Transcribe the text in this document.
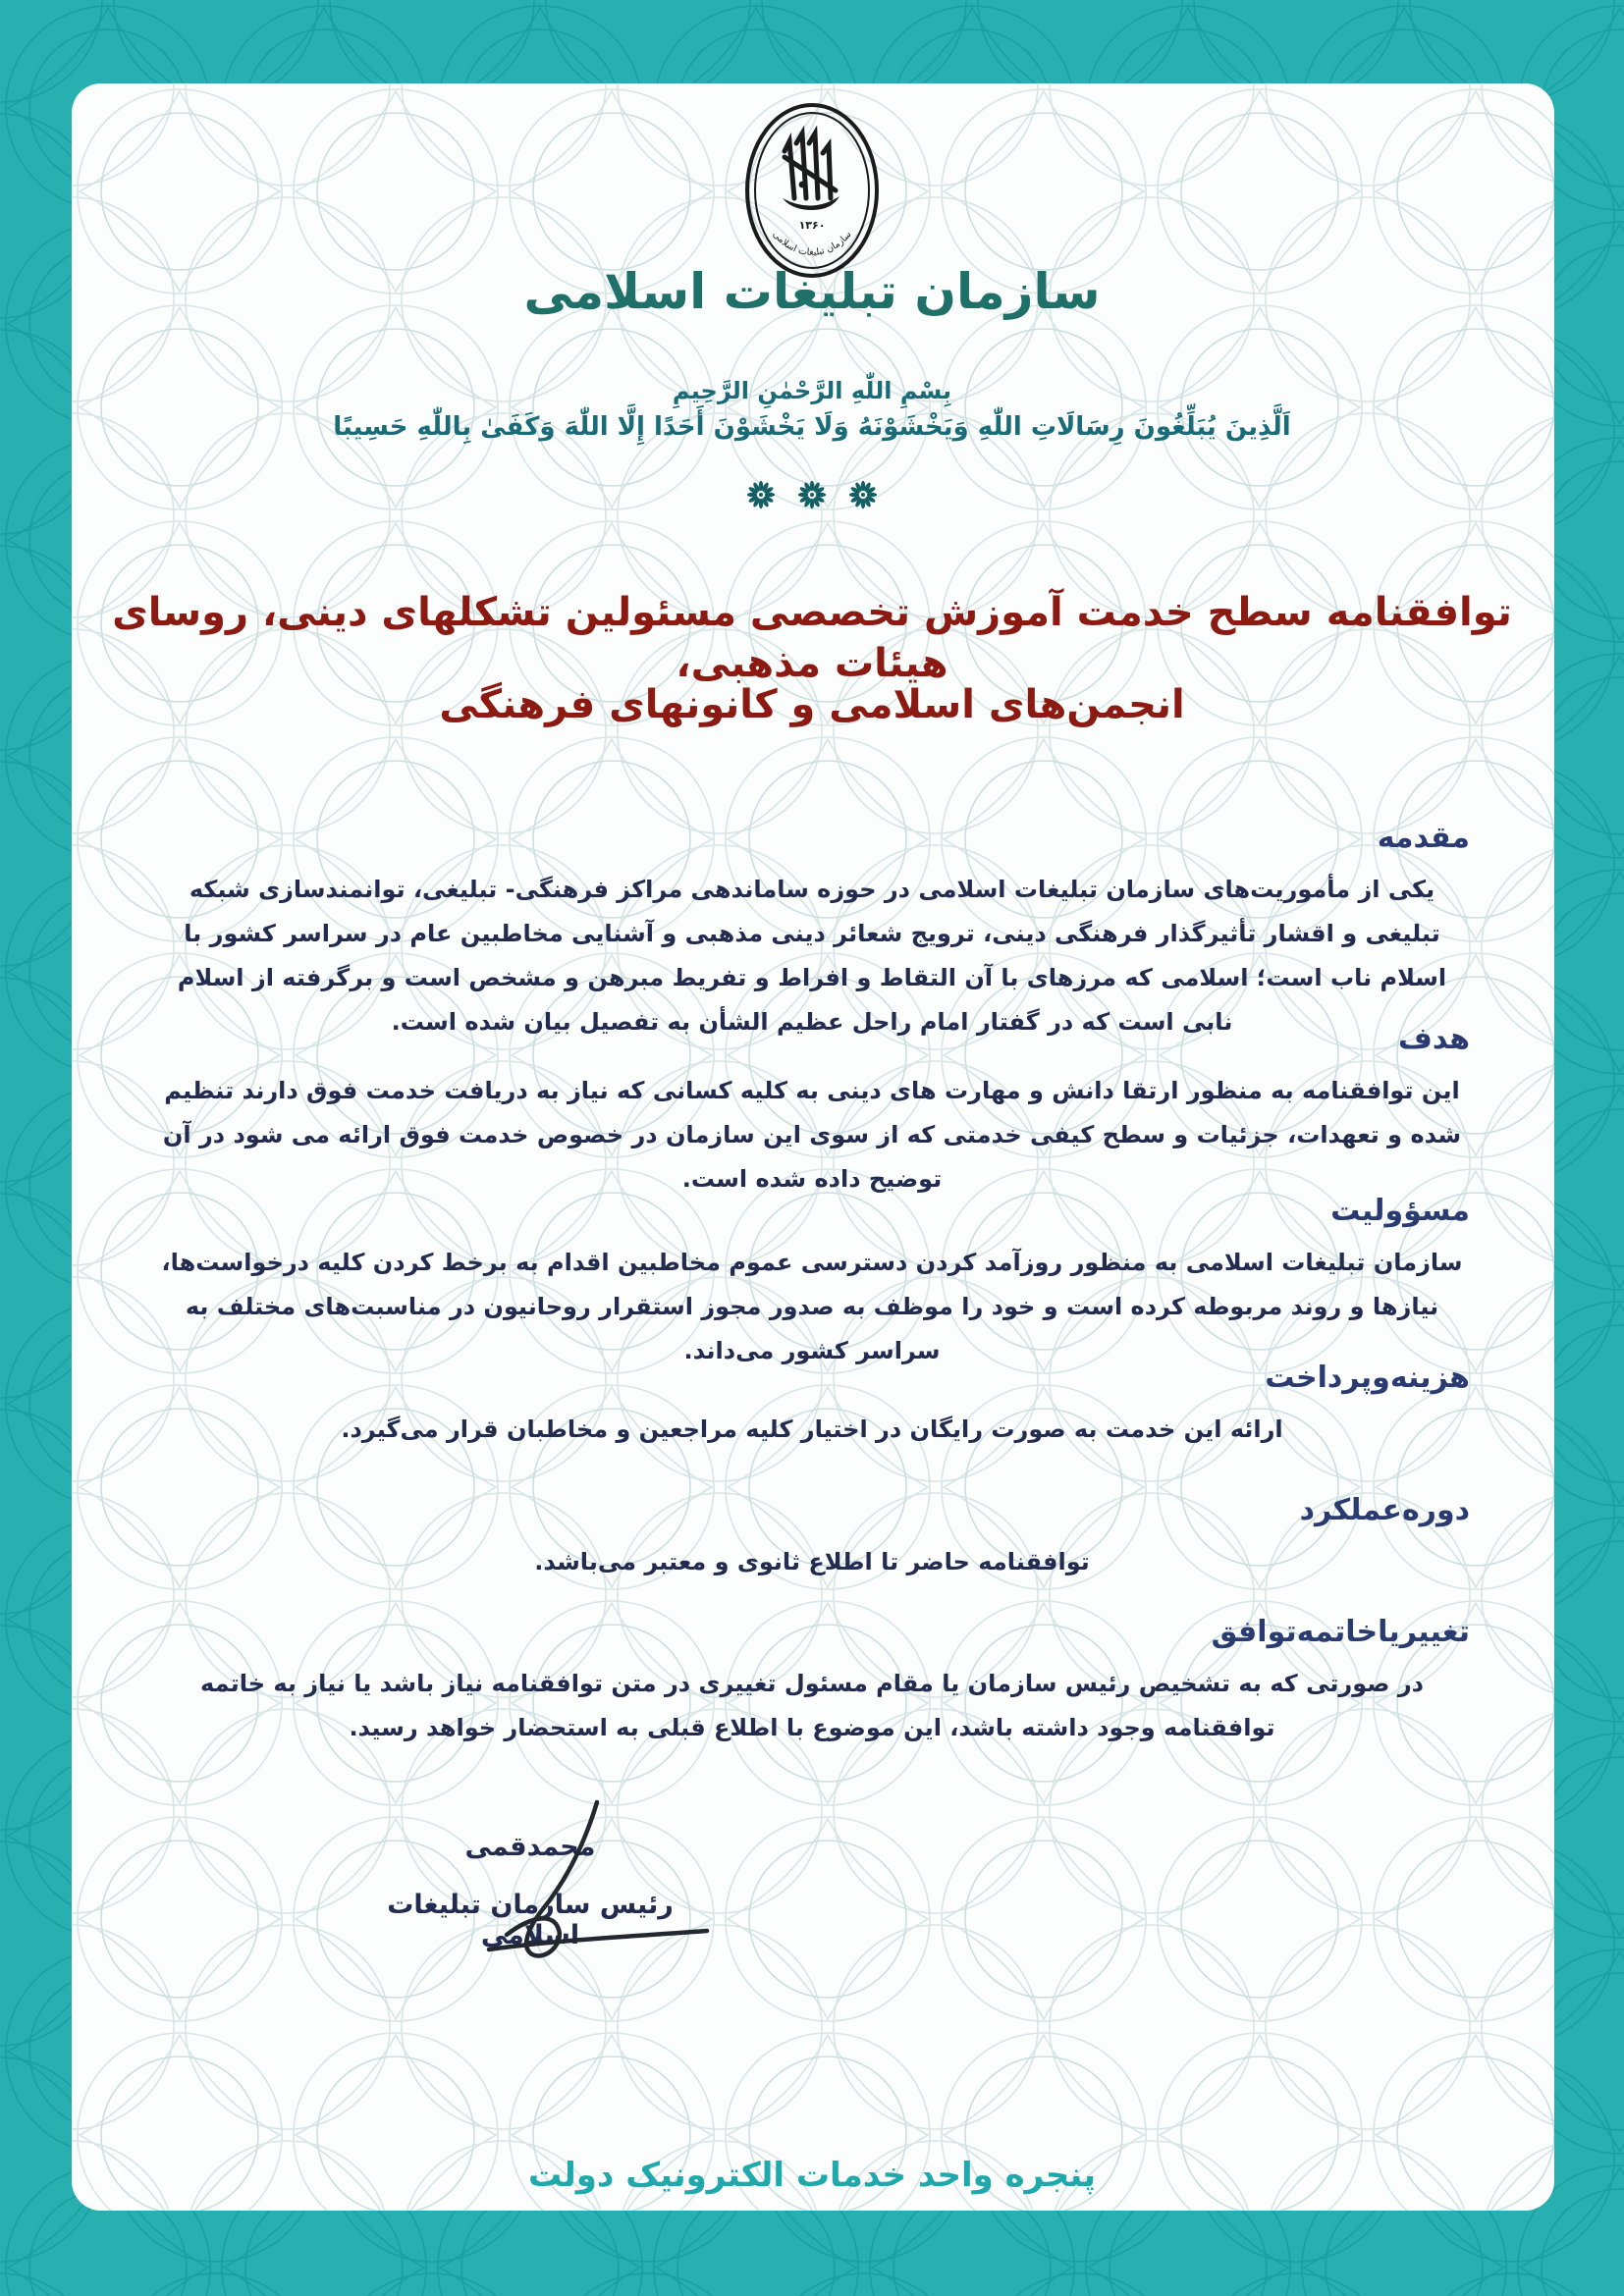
۱۳۶۰
سازمان تبلیغات اسلامی
سازمان تبلیغات اسلامی
بِسْمِ اللّٰهِ الرَّحْمٰنِ الرَّحِيمِ
اَلَّذِينَ يُبَلِّغُونَ رِسَالَاتِ اللّٰهِ وَيَخْشَوْنَهُ وَلَا يَخْشَوْنَ أَحَدًا إِلَّا اللّٰهَ وَكَفَىٰ بِاللّٰهِ حَسِيبًا
توافقنامه سطح خدمت آموزش تخصصی مسئولین تشکلهای دینی، روسای هیئات مذهبی،
انجمن‌های اسلامی و کانونهای فرهنگی
مقدمه

یکی از مأموریت‌های سازمان تبلیغات اسلامی در حوزه ساماندهی مراکز فرهنگی- تبلیغی، توانمندسازی شبکه تبلیغی و اقشار تأثیرگذار فرهنگی دینی، ترویج شعائر دینی مذهبی و آشنایی مخاطبین عام در سراسر کشور با اسلام ناب است؛ اسلامی که مرزهای با آن التقاط و افراط و تفریط مبرهن و مشخص است و برگرفته از اسلام نابی است که در گفتار امام راحل عظیم الشأن به تفصیل بیان شده است.	هدف

این توافقنامه به منظور ارتقا دانش و مهارت های دینی به کلیه کسانی که نیاز به دریافت خدمت فوق دارند تنظیم شده و تعهدات، جزئیات و سطح کیفی خدمتی که از سوی این سازمان در خصوص خدمت فوق ارائه می شود در آن توضیح داده شده است.

مسؤولیت

سازمان تبلیغات اسلامی به منظور روزآمد کردن دسترسی عموم مخاطبین اقدام به برخط کردن کلیه درخواست‌ها، نیازها و روند مربوطه کرده است و خود را موظف به صدور مجوز استقرار روحانیون در مناسبت‌های مختلف به سراسر کشور می‌داند.

هزینه‌و‌پرداخت

ارائه این خدمت به صورت رایگان در اختیار کلیه مراجعین و مخاطبان قرار می‌گیرد.

دوره‌عملکرد

توافقنامه حاضر تا اطلاع ثانوی و معتبر می‌باشد.

تغییر‌یا‌خاتمه‌توافق

در صورتی که به تشخیص رئیس سازمان یا مقام مسئول تغییری در متن توافقنامه نیاز باشد یا نیاز به خاتمه توافقنامه وجود داشته باشد، این موضوع با اطلاع قبلی به استحضار خواهد رسید.

محمدقمی

رئیس سازمان تبلیغات اسلامی

پنجره واحد خدمات الکترونیک دولت
